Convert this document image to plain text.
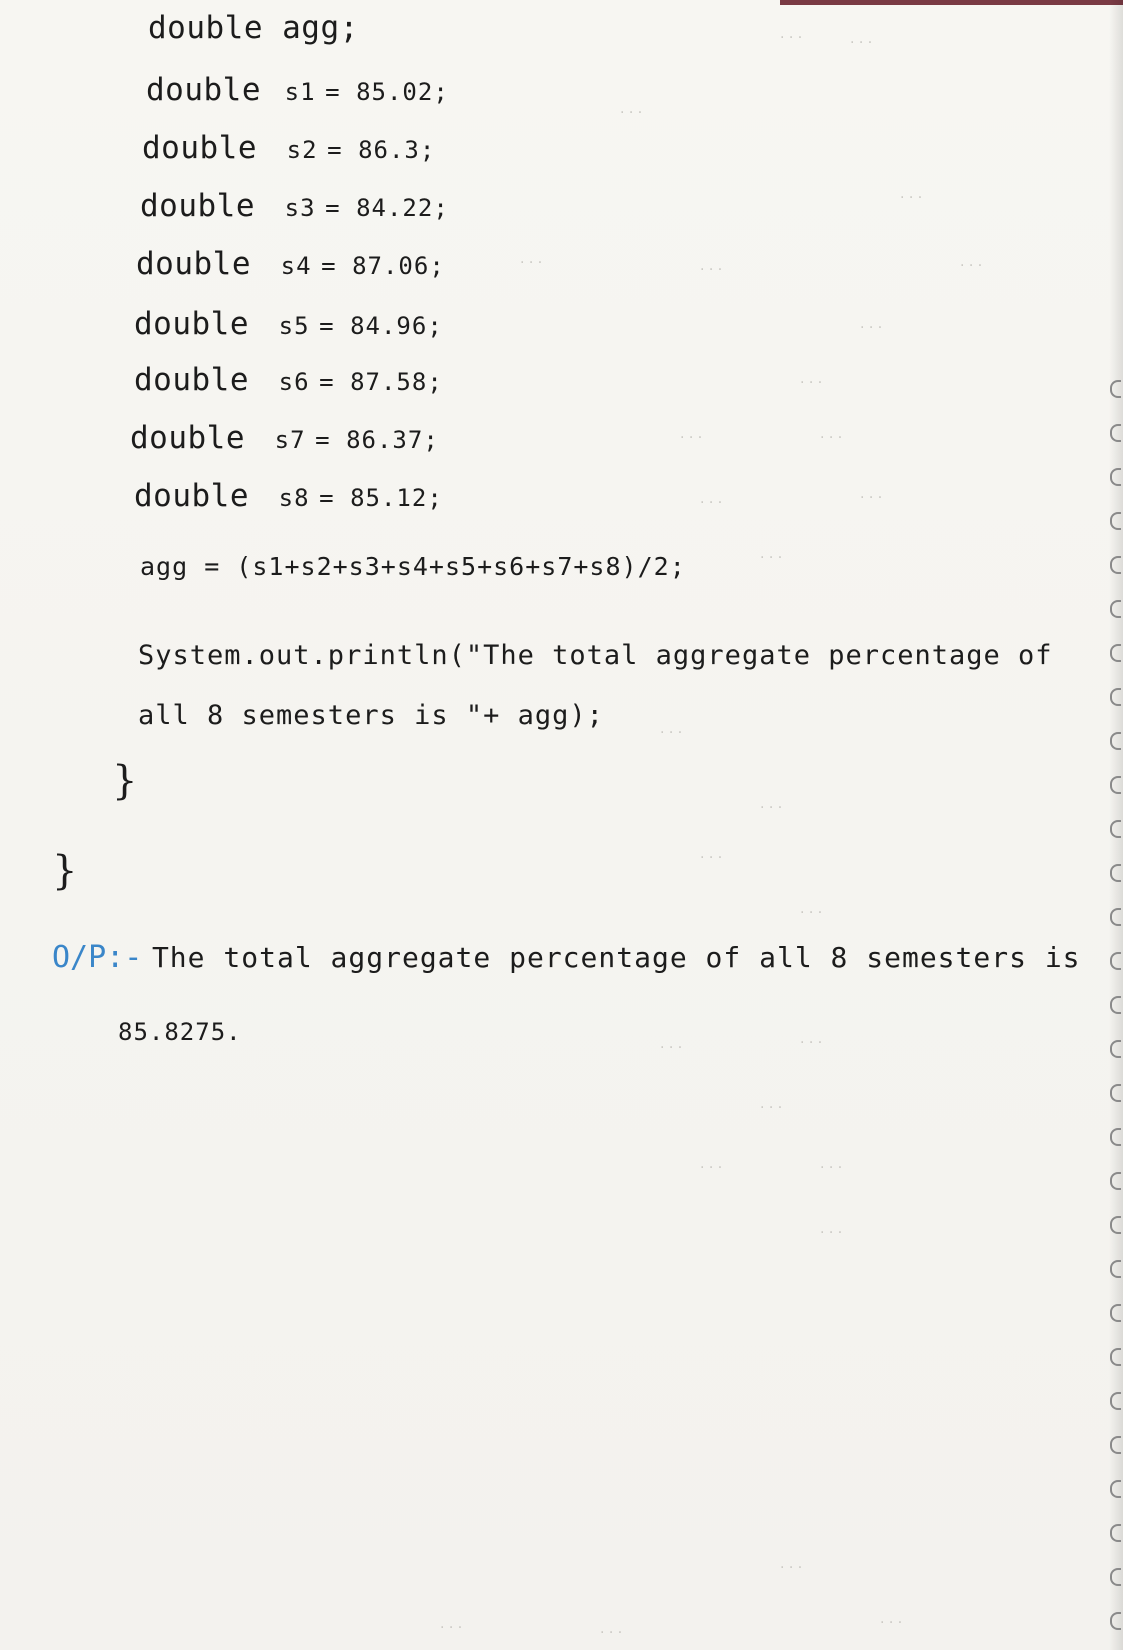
double agg;
double s1 = 85.02;
double s2 = 86.3;
double s3 = 84.22;
double s4 = 87.06;
double s5 = 84.96;
double s6 = 87.58;
double s7 = 86.37;
double s8 = 85.12;
agg = (s1+s2+s3+s4+s5+s6+s7+s8)/2;
System.out.println("The total aggregate percentage of
all 8 semesters is "+ agg);
}
}
O/P:- The total aggregate percentage of all 8 semesters is
85.8275.
· · ·	· · ·
· · ·
· · ·
· · ·	· · ·	· · ·
· · ·
· · ·
· · ·	· · ·
· · ·	· · ·
· · ·
· · ·
· · ·
· · ·
· · ·
· · ·	· · ·
· · ·
· · ·	· · ·
· · ·
· · ·
· · ·
· · ·	· · ·
